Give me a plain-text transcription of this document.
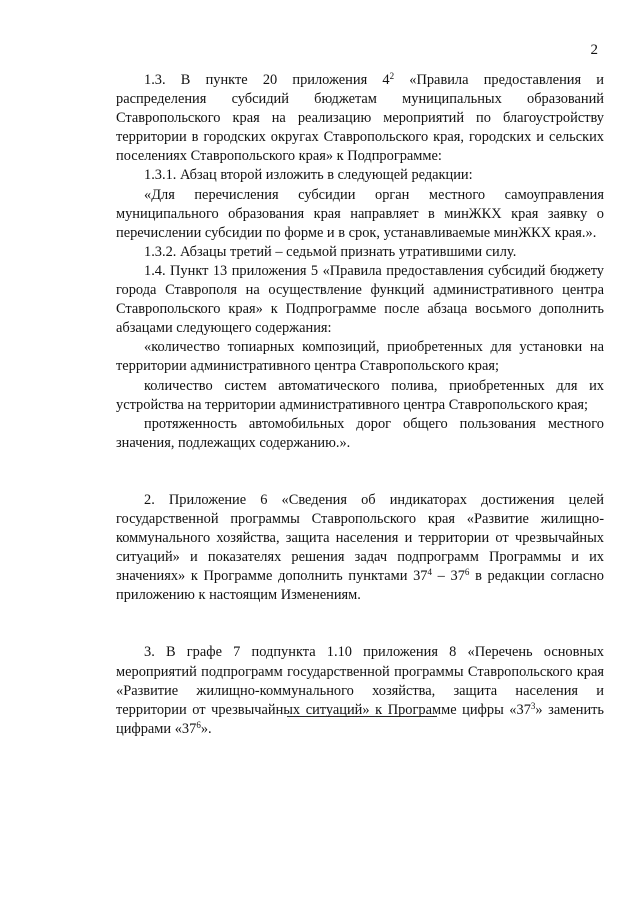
2

1.3. В пункте 20 приложения $4^2$ «Правила предоставления и распределения субсидий бюджетам муниципальных образований Ставропольского края на реализацию мероприятий по благоустройству территории в городских округах Ставропольского края, городских и сельских поселениях Ставропольского края» к Подпрограмме:

1.3.1. Абзац второй изложить в следующей редакции:

«Для перечисления субсидии орган местного самоуправления муниципального образования края направляет в минЖКХ края заявку о перечислении субсидии по форме и в срок, устанавливаемые минЖКХ края.».

1.3.2. Абзацы третий – седьмой признать утратившими силу.

1.4. Пункт 13 приложения 5 «Правила предоставления субсидий бюджету города Ставрополя на осуществление функций административного центра Ставропольского края» к Подпрограмме после абзаца восьмого дополнить абзацами следующего содержания:

«количество топиарных композиций, приобретенных для установки на территории административного центра Ставропольского края;

количество систем автоматического полива, приобретенных для их устройства на территории административного центра Ставропольского края;

протяженность автомобильных дорог общего пользования местного значения, подлежащих содержанию.».

2. Приложение 6 «Сведения об индикаторах достижения целей государственной программы Ставропольского края «Развитие жилищно-коммунального хозяйства, защита населения и территории от чрезвычайных ситуаций» и показателях решения задач подпрограмм Программы и их значениях» к Программе дополнить пунктами $37^4 - 37^6$ в редакции согласно приложению к настоящим Изменениям.

3. В графе 7 подпункта 1.10 приложения 8 «Перечень основных мероприятий подпрограмм государственной программы Ставропольского края «Развитие жилищно-коммунального хозяйства, защита населения и территории от чрезвычайных ситуаций» к Программе цифры «$37^3$» заменить цифрами «$37^6$».
